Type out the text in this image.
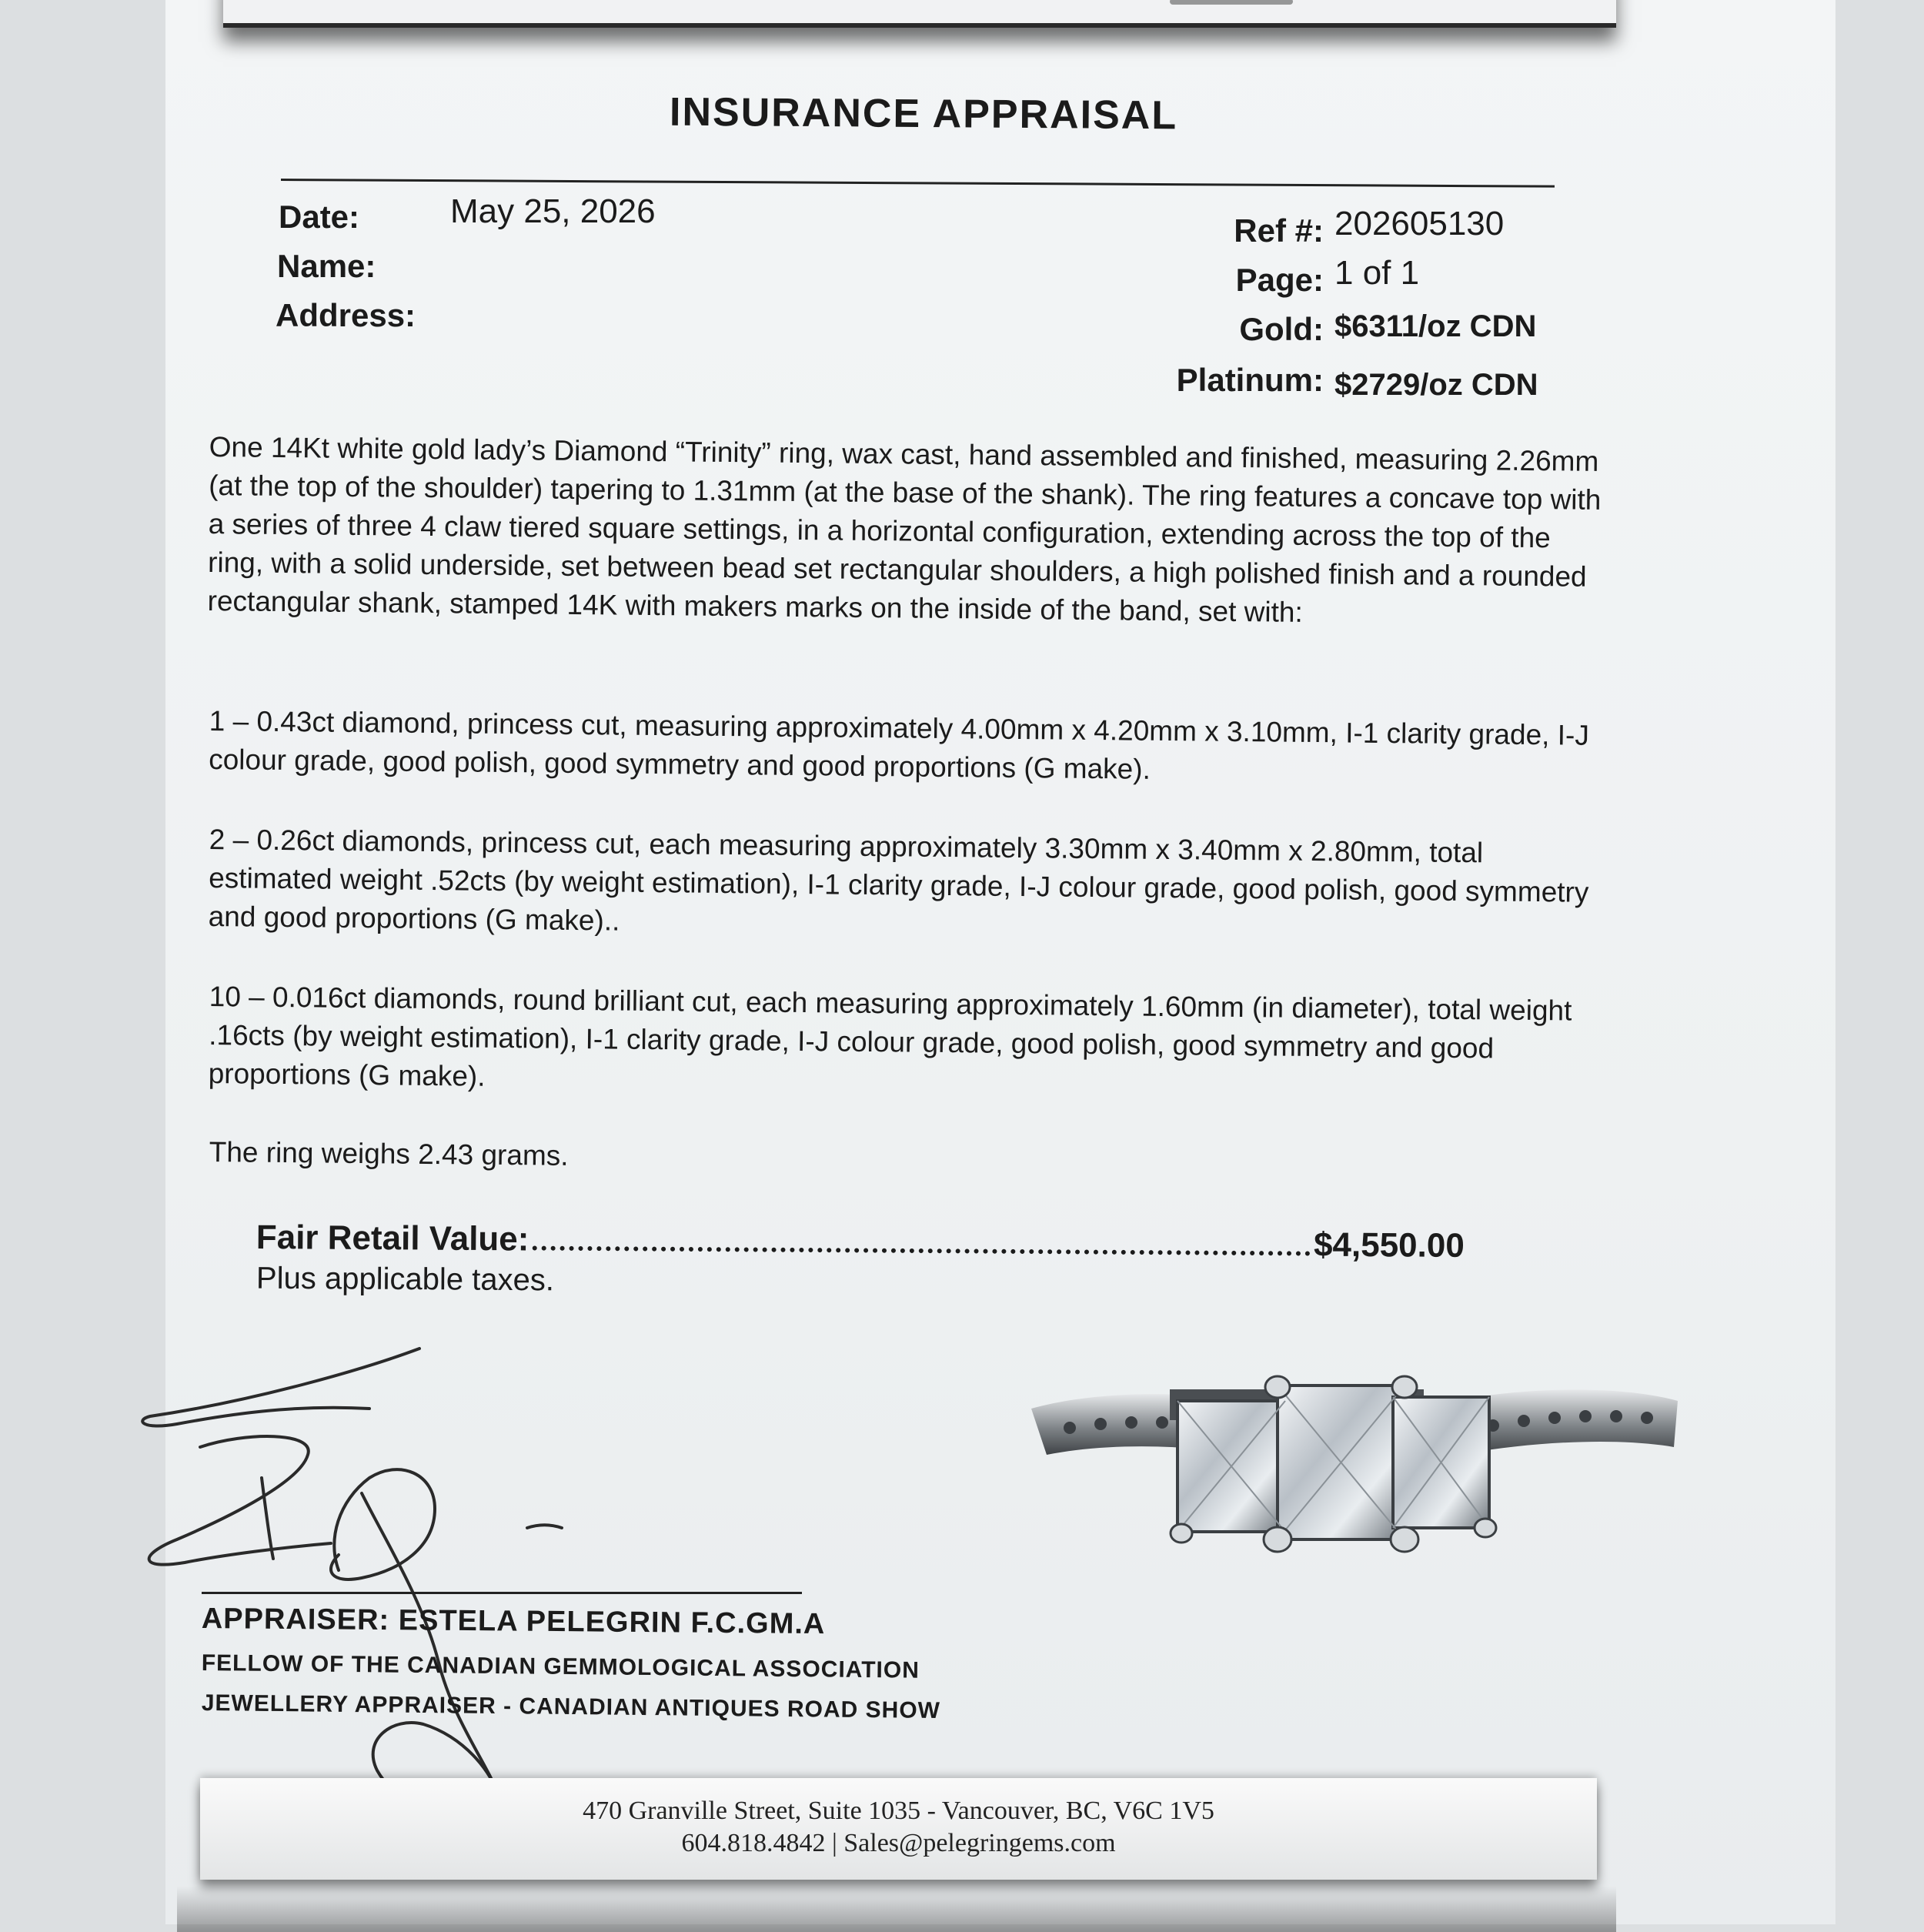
INSURANCE APPRAISAL
Date:	May 25, 2026
Name:
Address:
Ref #: 202605130
Page: 1 of 1
Gold: $6311/oz CDN
Platinum: $2729/oz CDN
One 14Kt white gold lady’s Diamond “Trinity” ring, wax cast, hand assembled and finished, measuring 2.26mm (at the top of the shoulder) tapering to 1.31mm (at the base of the shank). The ring features a concave top with a series of three 4 claw tiered square settings, in a horizontal configuration, extending across the top of the ring, with a solid underside, set between bead set rectangular shoulders, a high polished finish and a rounded rectangular shank, stamped 14K with makers marks on the inside of the band, set with:
1 – 0.43ct diamond, princess cut, measuring approximately 4.00mm x 4.20mm x 3.10mm, I-1 clarity grade, I-J colour grade, good polish, good symmetry and good proportions (G make).
2 – 0.26ct diamonds, princess cut, each measuring approximately 3.30mm x 3.40mm x 2.80mm, total estimated weight .52cts (by weight estimation), I-1 clarity grade, I-J colour grade, good polish, good symmetry and good proportions (G make)..
10 – 0.016ct diamonds, round brilliant cut, each measuring approximately 1.60mm (in diameter), total weight .16cts (by weight estimation), I-1 clarity grade, I-J colour grade, good polish, good symmetry and good proportions (G make).
The ring weighs 2.43 grams.
Fair Retail Value:	$4,550.00
Plus applicable taxes.
APPRAISER: ESTELA PELEGRIN F.C.GM.A
FELLOW OF THE CANADIAN GEMMOLOGICAL ASSOCIATION
JEWELLERY APPRAISER - CANADIAN ANTIQUES ROAD SHOW
470 Granville Street, Suite 1035 - Vancouver, BC, V6C 1V5
604.818.4842 | Sales@pelegringems.com
